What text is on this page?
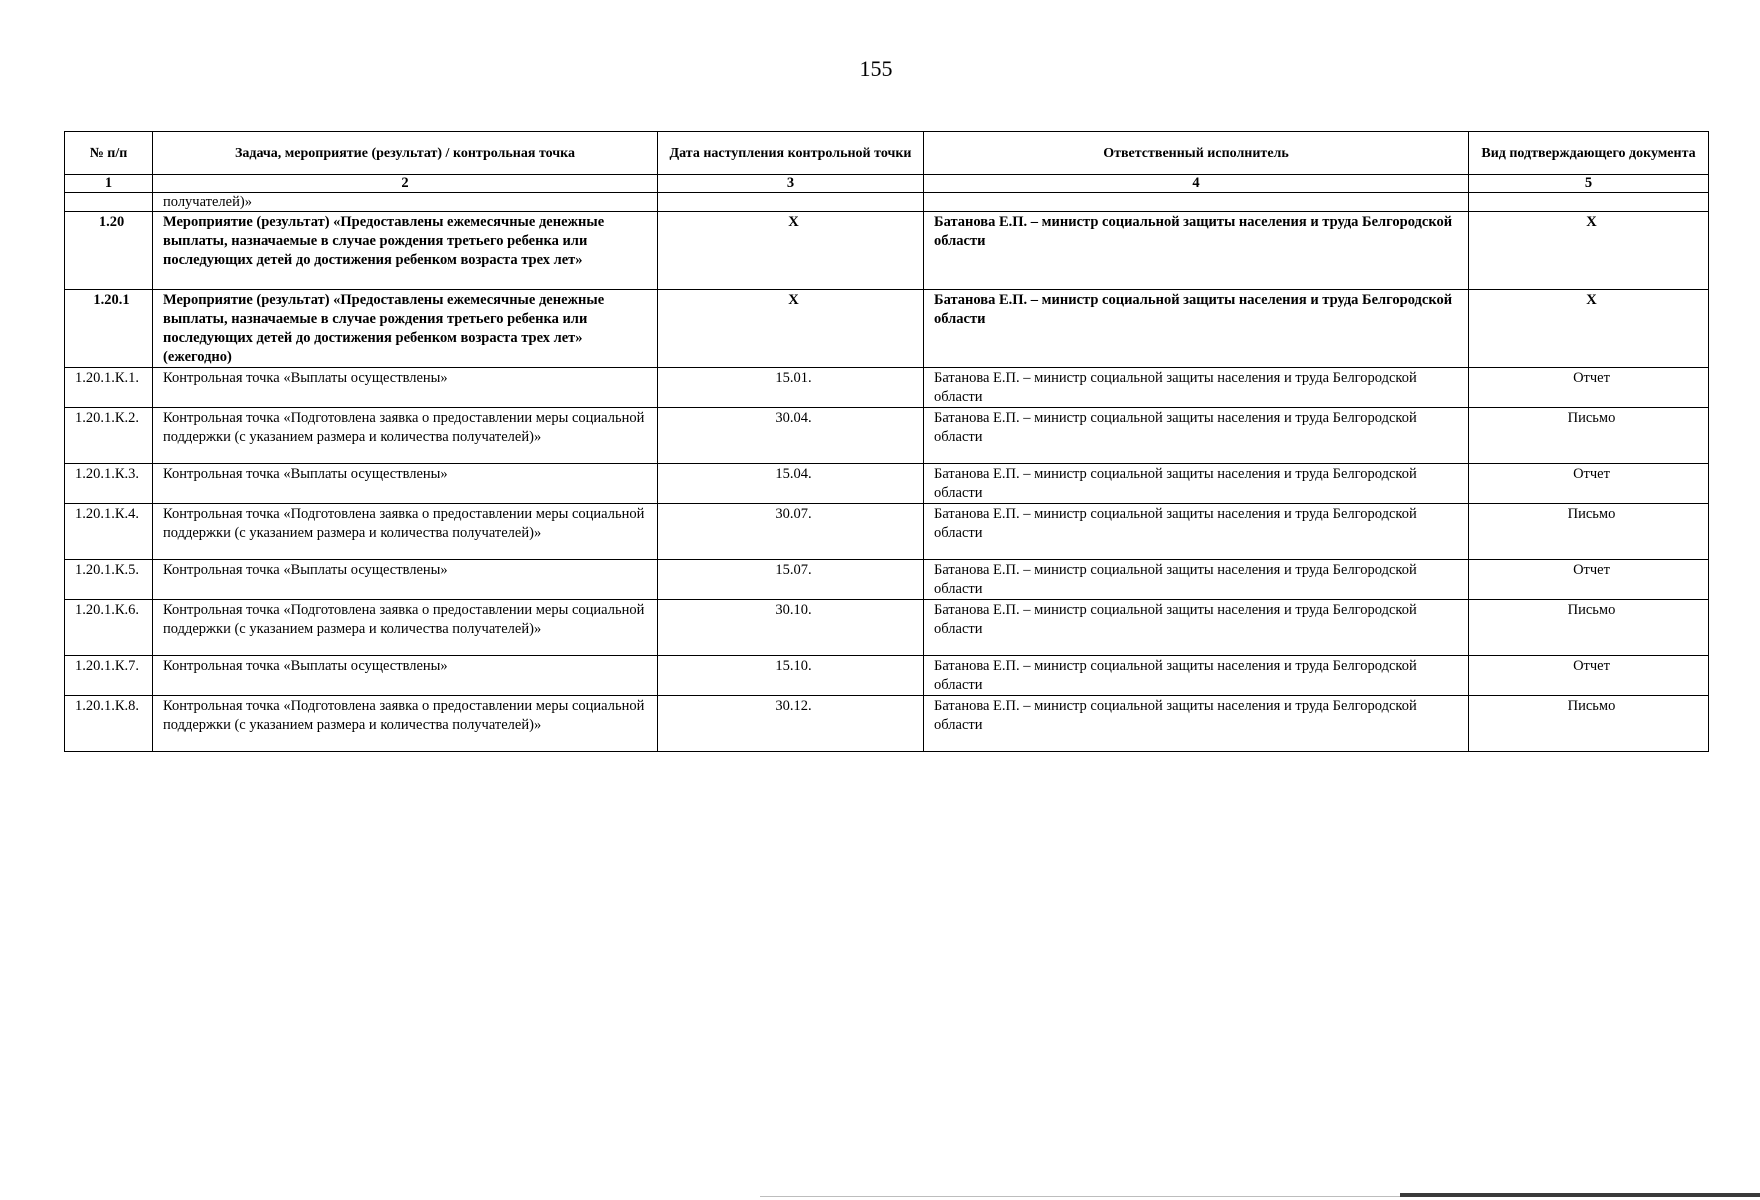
155
№ п/п	Задача, мероприятие (результат) / контрольная точка	Дата наступления контрольной точки	Ответственный исполнитель	Вид подтверждающего документа
1	2	3	4	5
	получателей)»			
1.20	Мероприятие (результат) «Предоставлены ежемесячные денежные выплаты, назначаемые в случае рождения третьего ребенка или последующих детей до достижения ребенком возраста трех лет»	X	Батанова Е.П. – министр социальной защиты населения и труда Белгородской области	X
1.20.1	Мероприятие (результат) «Предоставлены ежемесячные денежные выплаты, назначаемые в случае рождения третьего ребенка или последующих детей до достижения ребенком возраста трех лет» (ежегодно)	X	Батанова Е.П. – министр социальной защиты населения и труда Белгородской области	X
1.20.1.К.1.	Контрольная точка «Выплаты осуществлены»	15.01.	Батанова Е.П. – министр социальной защиты населения и труда Белгородской области	Отчет
1.20.1.К.2.	Контрольная точка «Подготовлена заявка о предоставлении меры социальной поддержки (с указанием размера и количества получателей)»	30.04.	Батанова Е.П. – министр социальной защиты населения и труда Белгородской области	Письмо
1.20.1.К.3.	Контрольная точка «Выплаты осуществлены»	15.04.	Батанова Е.П. – министр социальной защиты населения и труда Белгородской области	Отчет
1.20.1.К.4.	Контрольная точка «Подготовлена заявка о предоставлении меры социальной поддержки (с указанием размера и количества получателей)»	30.07.	Батанова Е.П. – министр социальной защиты населения и труда Белгородской области	Письмо
1.20.1.К.5.	Контрольная точка «Выплаты осуществлены»	15.07.	Батанова Е.П. – министр социальной защиты населения и труда Белгородской области	Отчет
1.20.1.К.6.	Контрольная точка «Подготовлена заявка о предоставлении меры социальной поддержки (с указанием размера и количества получателей)»	30.10.	Батанова Е.П. – министр социальной защиты населения и труда Белгородской области	Письмо
1.20.1.К.7.	Контрольная точка «Выплаты осуществлены»	15.10.	Батанова Е.П. – министр социальной защиты населения и труда Белгородской области	Отчет
1.20.1.К.8.	Контрольная точка «Подготовлена заявка о предоставлении меры социальной поддержки (с указанием размера и количества получателей)»	30.12.	Батанова Е.П. – министр социальной защиты населения и труда Белгородской области	Письмо
